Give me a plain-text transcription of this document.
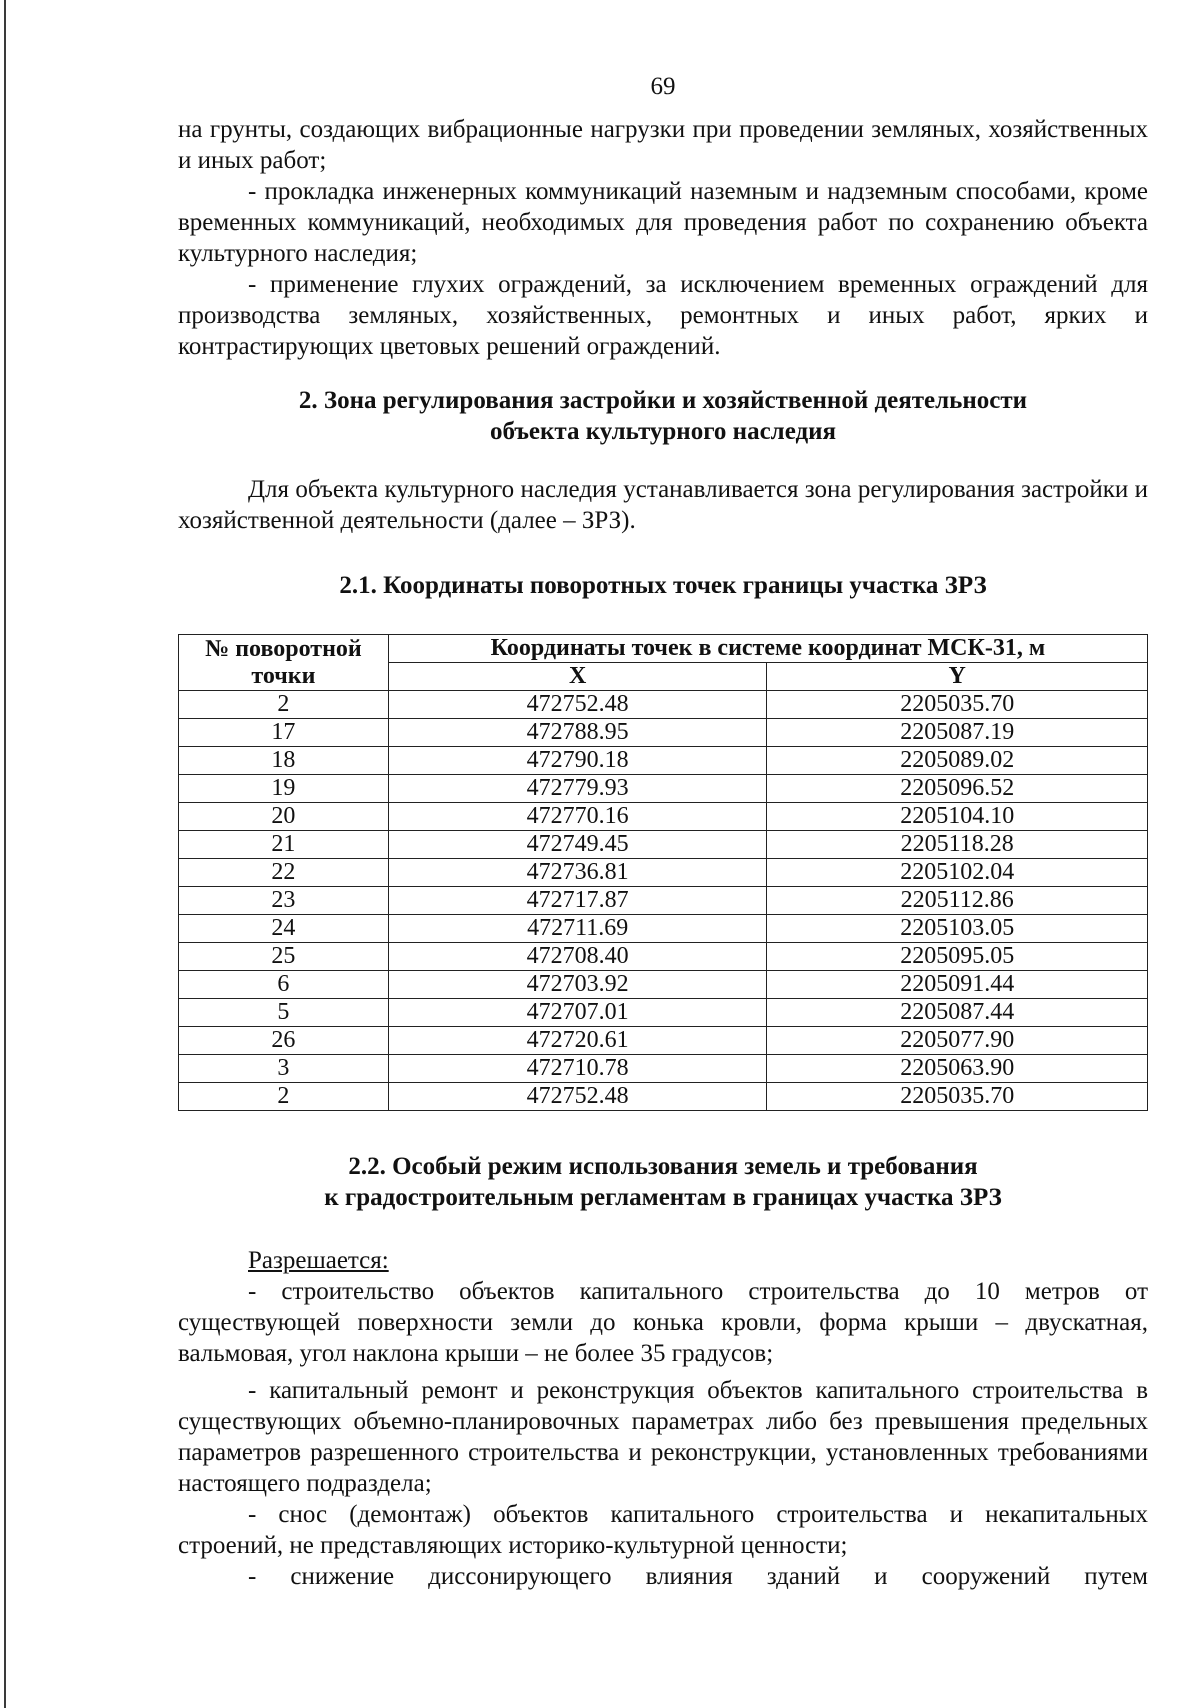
69

на грунты, создающих вибрационные нагрузки при проведении земляных, хозяйственных и иных работ;

- прокладка инженерных коммуникаций наземным и надземным способами, кроме временных коммуникаций, необходимых для проведения работ по сохранению объекта культурного наследия;

- применение глухих ограждений, за исключением временных ограждений для производства земляных, хозяйственных, ремонтных и иных работ, ярких и контрастирующих цветовых решений ограждений.

2. Зона регулирования застройки и хозяйственной деятельности
объекта культурного наследия

Для объекта культурного наследия устанавливается зона регулирования застройки и хозяйственной деятельности (далее – ЗРЗ).

2.1. Координаты поворотных точек границы участка ЗРЗ
№ поворотной
точки	Координаты точек в системе координат МСК-31, м	
	X	Y
2	472752.48	2205035.70
17	472788.95	2205087.19
18	472790.18	2205089.02
19	472779.93	2205096.52
20	472770.16	2205104.10
21	472749.45	2205118.28
22	472736.81	2205102.04
23	472717.87	2205112.86
24	472711.69	2205103.05
25	472708.40	2205095.05
6	472703.92	2205091.44
5	472707.01	2205087.44
26	472720.61	2205077.90
3	472710.78	2205063.90
2	472752.48	2205035.70
2.2. Особый режим использования земель и требования
к градостроительным регламентам в границах участка ЗРЗ

Разрешается:

- строительство объектов капитального строительства до 10 метров от существующей поверхности земли до конька кровли, форма крыши – двускатная, вальмовая, угол наклона крыши – не более 35 градусов;

- капитальный ремонт и реконструкция объектов капитального строительства в существующих объемно-планировочных параметрах либо без превышения предельных параметров разрешенного строительства и реконструкции, установленных требованиями настоящего подраздела;

- снос (демонтаж) объектов капитального строительства и некапитальных строений, не представляющих историко-культурной ценности;

- снижение диссонирующего влияния зданий и сооружений путем
